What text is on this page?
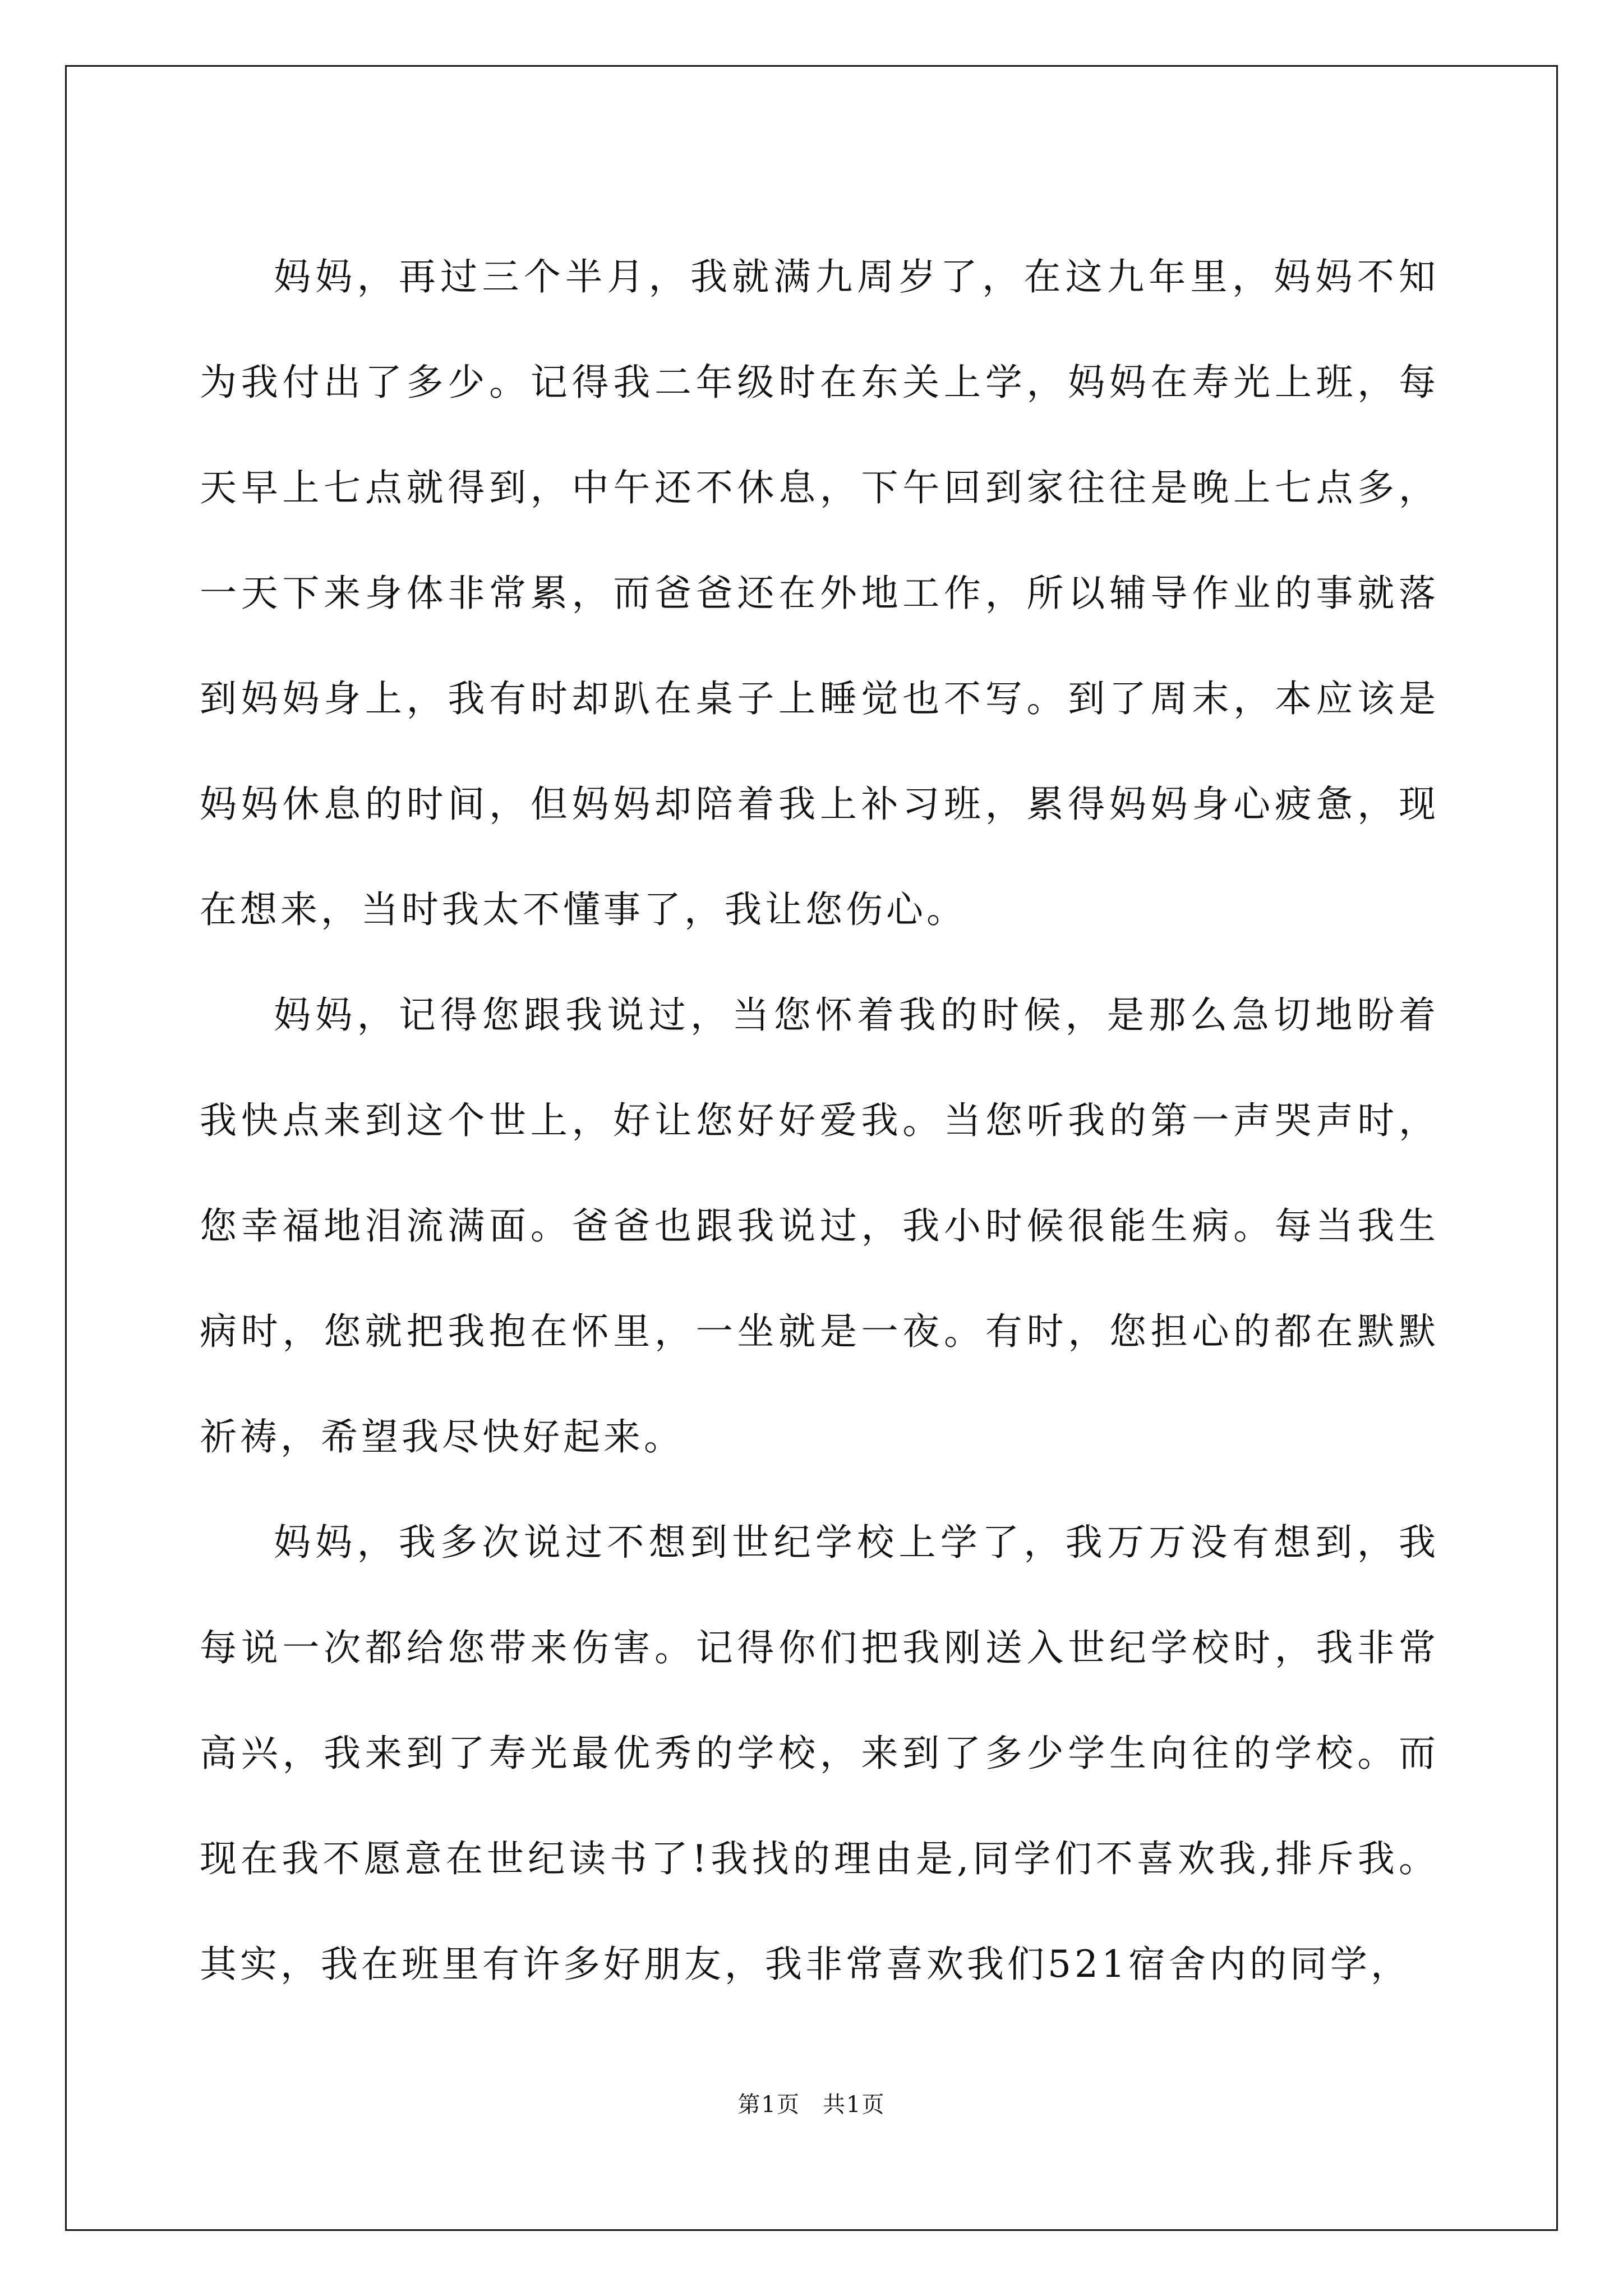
妈妈，再过三个半月，我就满九周岁了，在这九年里，妈妈不知为我付出了多少。记得我二年级时在东关上学，妈妈在寿光上班，每天早上七点就得到，中午还不休息，下午回到家往往是晚上七点多，一天下来身体非常累，而爸爸还在外地工作，所以辅导作业的事就落到妈妈身上，我有时却趴在桌子上睡觉也不写。到了周末，本应该是妈妈休息的时间，但妈妈却陪着我上补习班，累得妈妈身心疲惫，现在想来，当时我太不懂事了，我让您伤心。

妈妈，记得您跟我说过，当您怀着我的时候，是那么急切地盼着我快点来到这个世上，好让您好好爱我。当您听我的第一声哭声时，您幸福地泪流满面。爸爸也跟我说过，我小时候很能生病。每当我生病时，您就把我抱在怀里，一坐就是一夜。有时，您担心的都在默默祈祷，希望我尽快好起来。

妈妈，我多次说过不想到世纪学校上学了，我万万没有想到，我每说一次都给您带来伤害。记得你们把我刚送入世纪学校时，我非常高兴，我来到了寿光最优秀的学校，来到了多少学生向往的学校。而现在我不愿意在世纪读书了!我找的理由是,同学们不喜欢我,排斥我。其实，我在班里有许多好朋友，我非常喜欢我们521宿舍内的同学，

第1页 共1页
